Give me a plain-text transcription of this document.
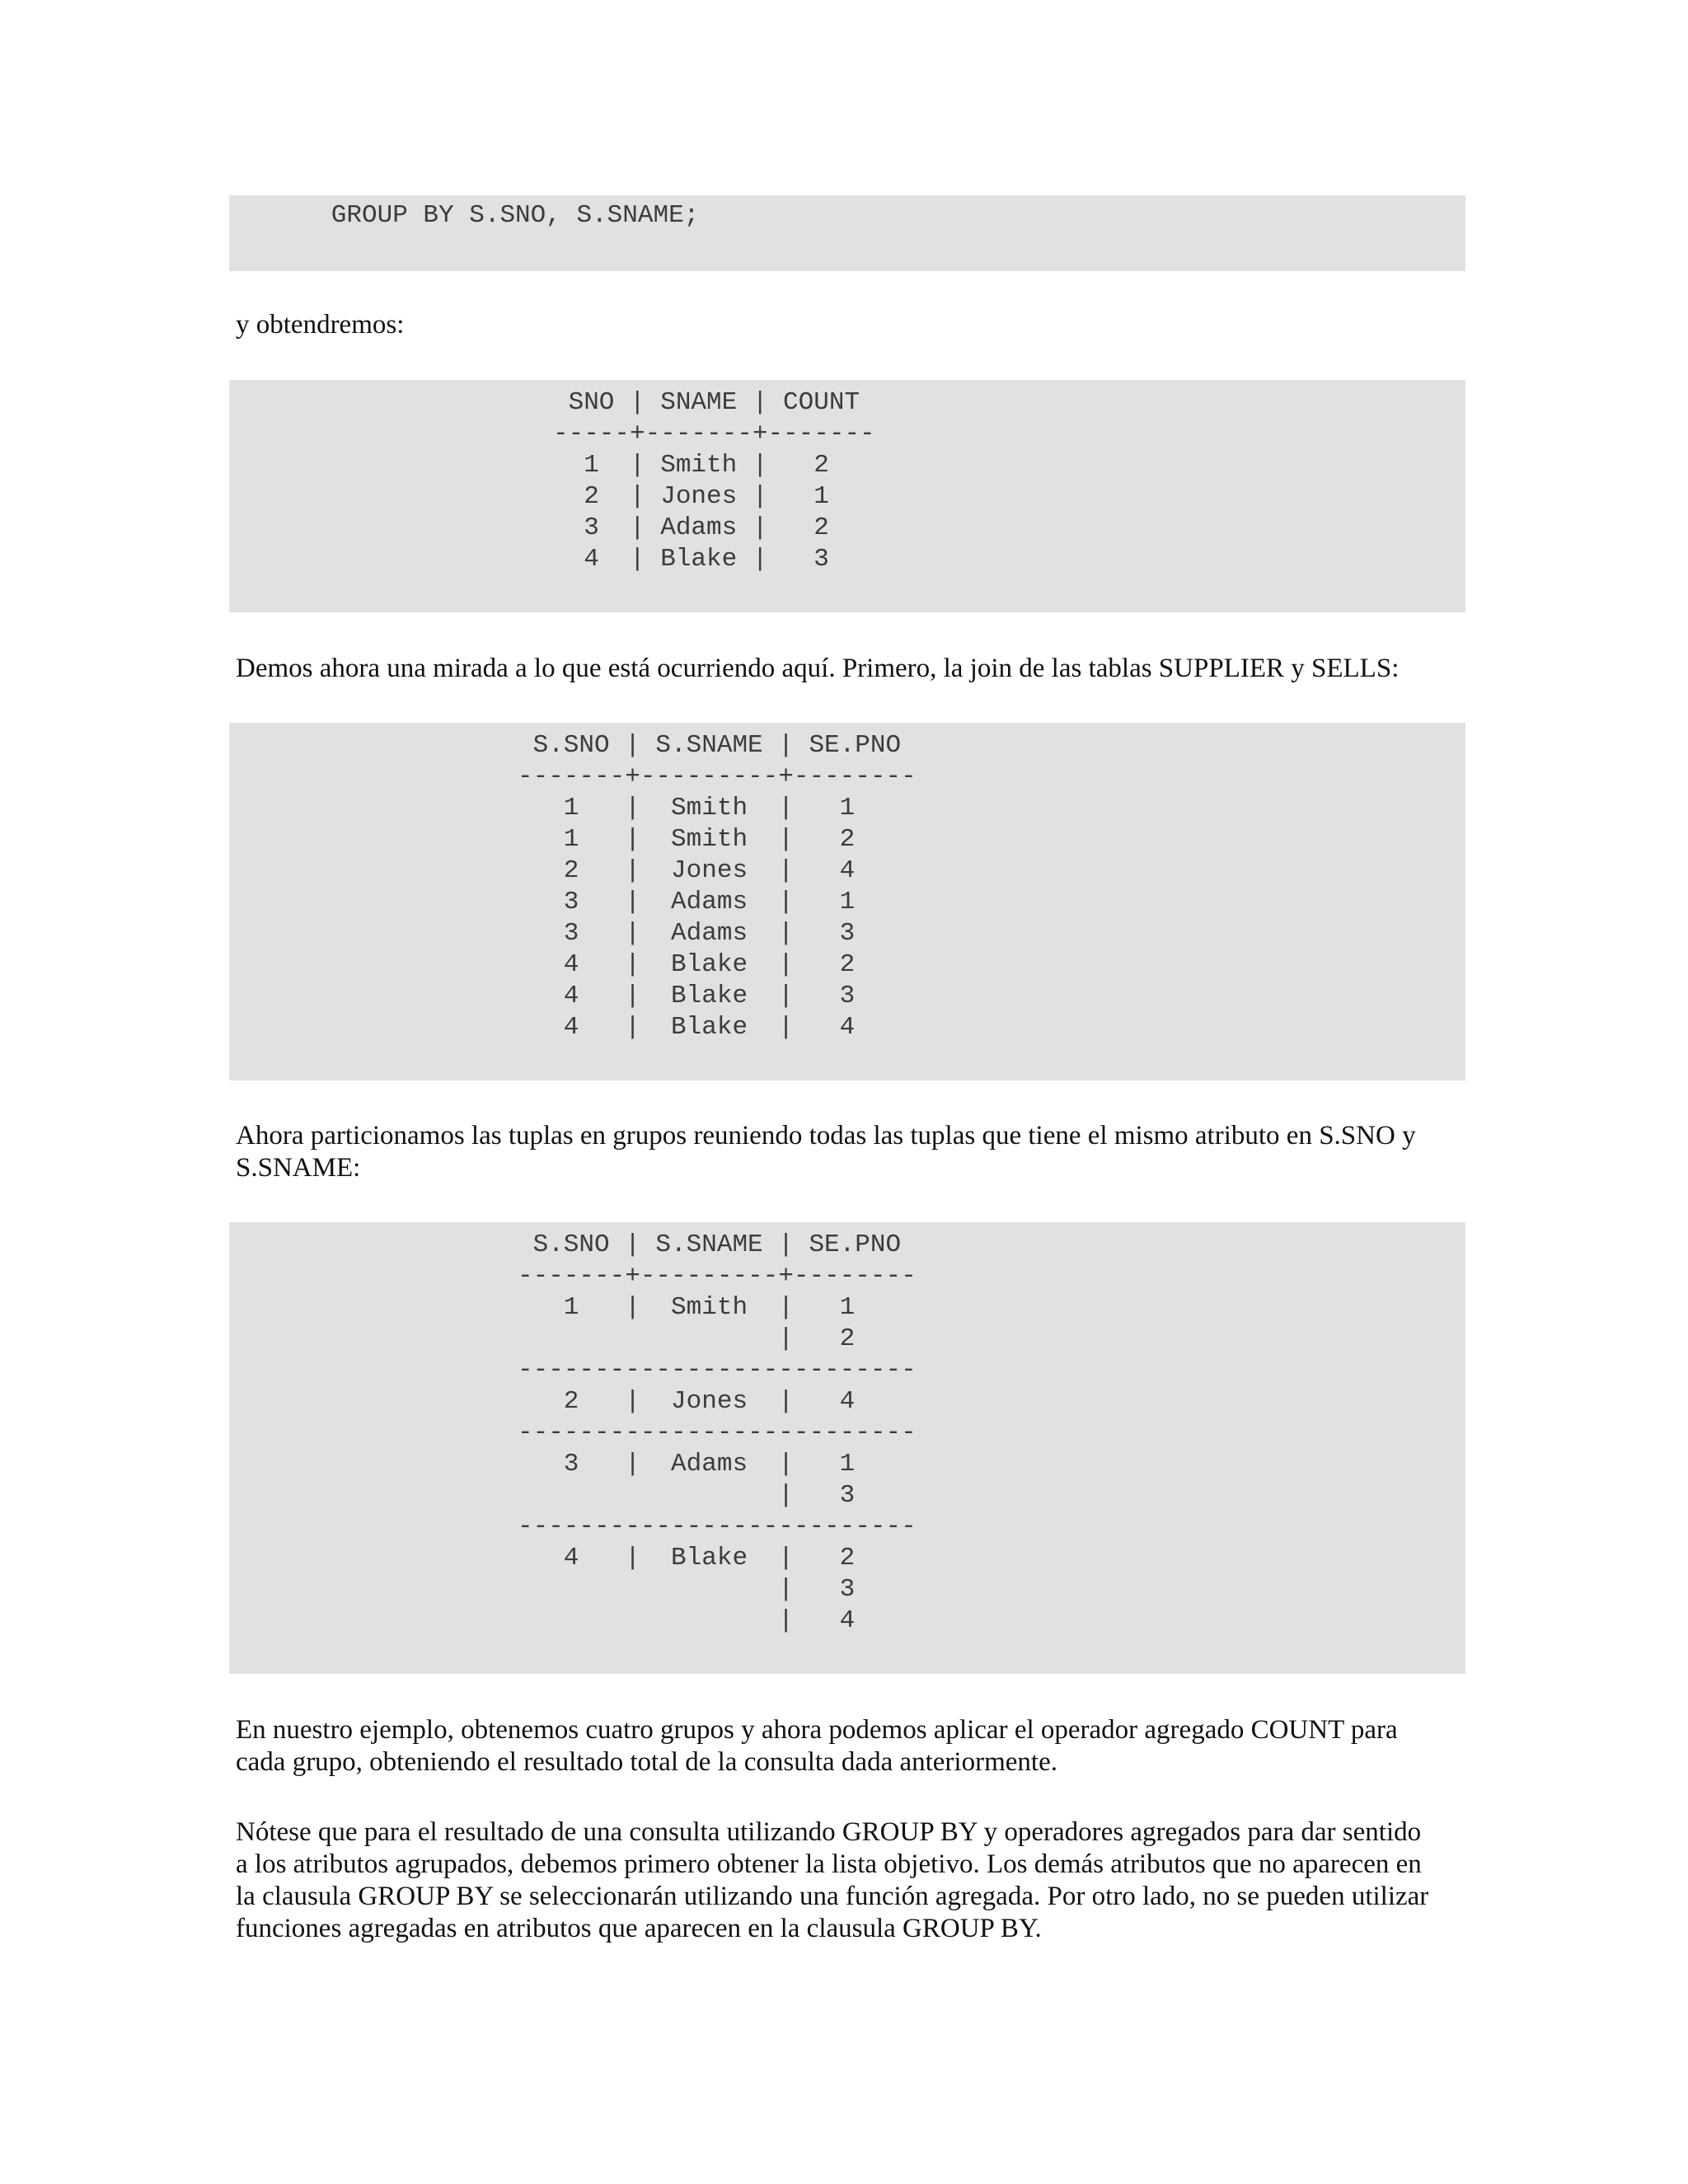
GROUP BY S.SNO, S.SNAME;

y obtendremos:

SNO | SNAME | COUNT
-----+-------+-------
1  | Smith |   2
2  | Jones |   1
3  | Adams |   2
4  | Blake |   3

Demos ahora una mirada a lo que está ocurriendo aquí. Primero, la join de las tablas SUPPLIER y SELLS:

S.SNO | S.SNAME | SE.PNO
-------+---------+--------
1   |  Smith  |   1
1   |  Smith  |   2
2   |  Jones  |   4
3   |  Adams  |   1
3   |  Adams  |   3
4   |  Blake  |   2
4   |  Blake  |   3
4   |  Blake  |   4

Ahora particionamos las tuplas en grupos reuniendo todas las tuplas que tiene el mismo atributo en S.SNO y
S.SNAME:

S.SNO | S.SNAME | SE.PNO
-------+---------+--------
1   |  Smith  |   1
|   2
--------------------------
2   |  Jones  |   4
--------------------------
3   |  Adams  |   1
|   3
--------------------------
4   |  Blake  |   2
|   3
|   4

En nuestro ejemplo, obtenemos cuatro grupos y ahora podemos aplicar el operador agregado COUNT para
cada grupo, obteniendo el resultado total de la consulta dada anteriormente.

Nótese que para el resultado de una consulta utilizando GROUP BY y operadores agregados para dar sentido
a los atributos agrupados, debemos primero obtener la lista objetivo. Los demás atributos que no aparecen en
la clausula GROUP BY se seleccionarán utilizando una función agregada. Por otro lado, no se pueden utilizar
funciones agregadas en atributos que aparecen en la clausula GROUP BY.
